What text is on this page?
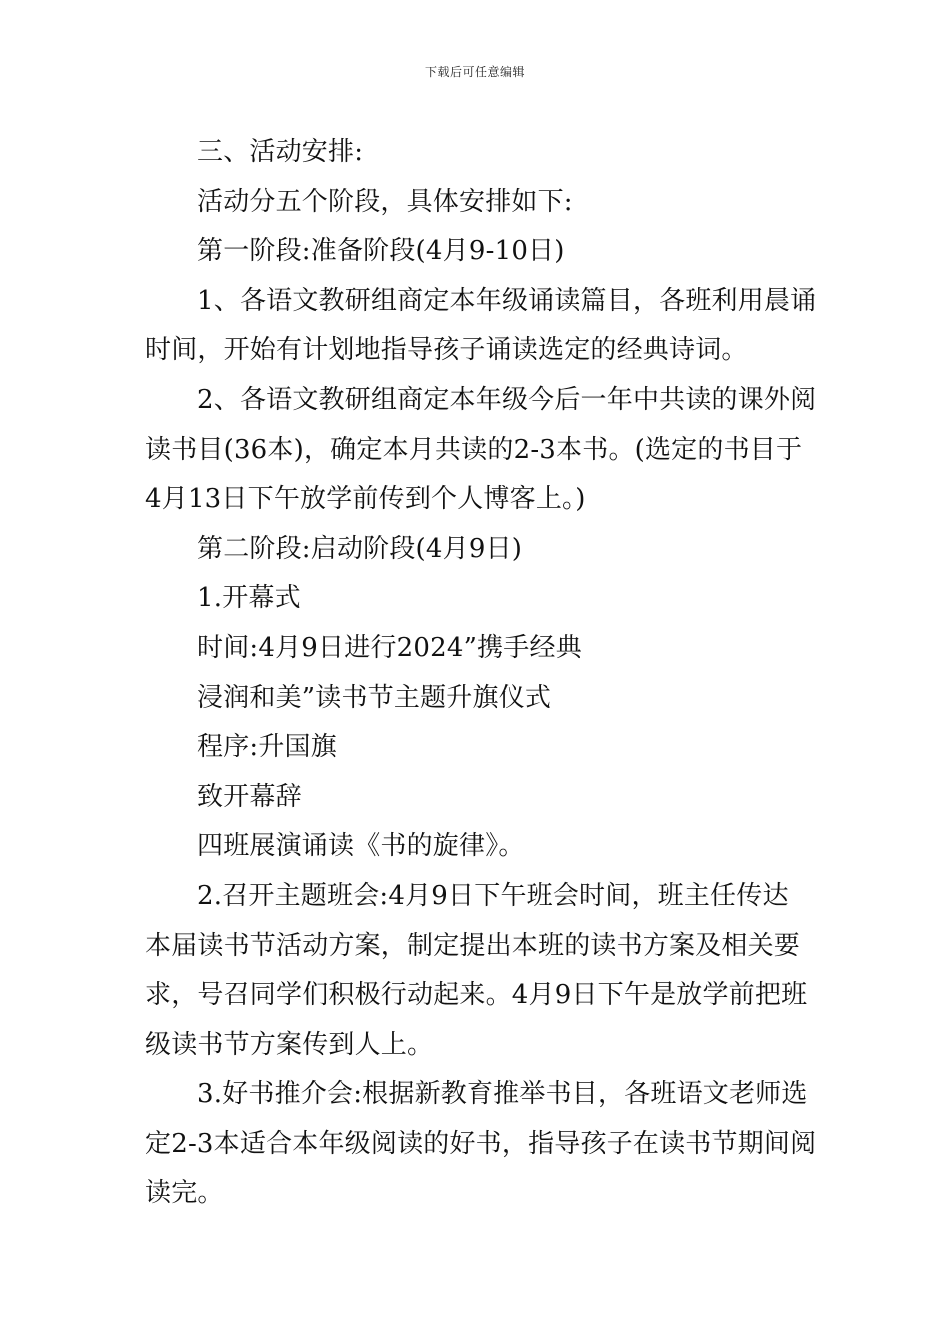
下载后可任意编辑
三、活动安排:
活动分五个阶段，具体安排如下:
第一阶段:准备阶段(4月9-10日)
1、各语文教研组商定本年级诵读篇目，各班利用晨诵
时间，开始有计划地指导孩子诵读选定的经典诗词。
2、各语文教研组商定本年级今后一年中共读的课外阅
读书目(36本)，确定本月共读的2-3本书。(选定的书目于
4月13日下午放学前传到个人博客上。)
第二阶段:启动阶段(4月9日)
1.开幕式
时间:4月9日进行2024”携手经典
浸润和美”读书节主题升旗仪式
程序:升国旗
致开幕辞
四班展演诵读《书的旋律》。
2.召开主题班会:4月9日下午班会时间，班主任传达
本届读书节活动方案，制定提出本班的读书方案及相关要
求，号召同学们积极行动起来。4月9日下午是放学前把班
级读书节方案传到人上。
3.好书推介会:根据新教育推举书目，各班语文老师选
定2-3本适合本年级阅读的好书，指导孩子在读书节期间阅
读完。
